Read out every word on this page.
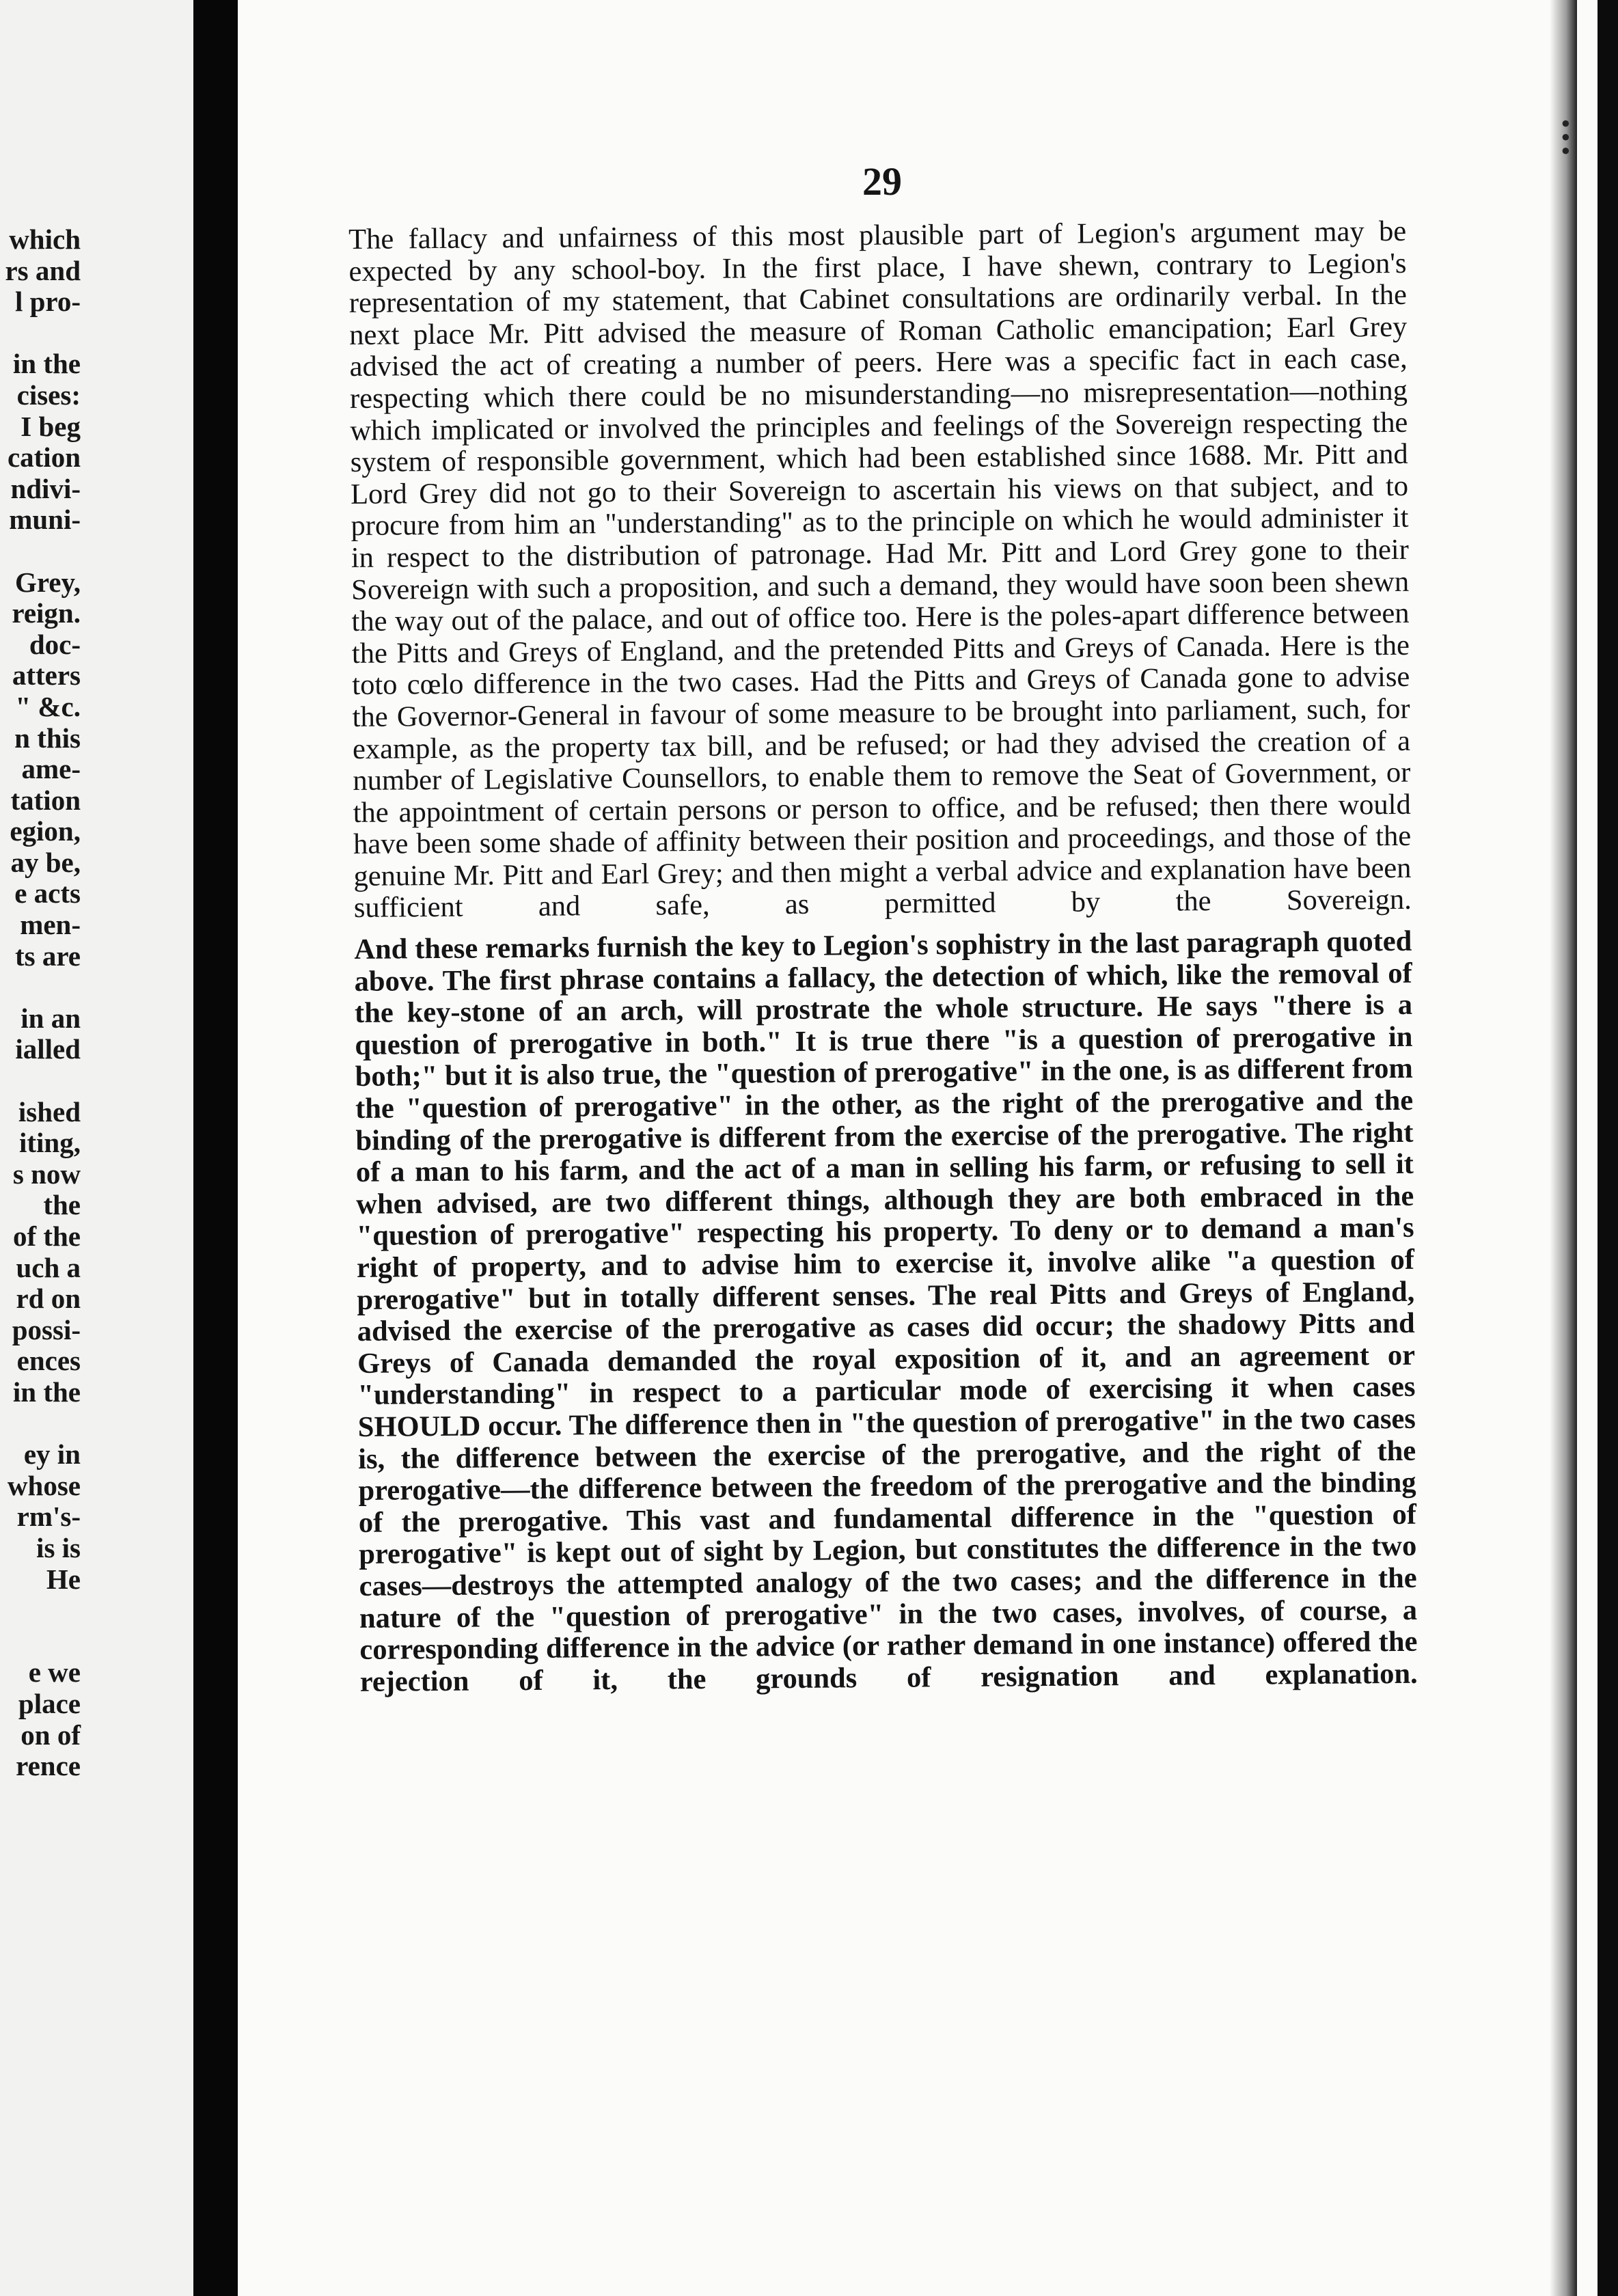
which
rs and
l pro-
in the
cises:
I beg
cation
ndivi-
muni-
Grey,
reign.
doc-
atters
" &c.
n this
ame-
tation
egion,
ay be,
e acts
men-
ts are
in an
ialled
ished
iting,
s now
the
of the
uch a
rd on
possi-
ences
in the
ey in
whose
rm's-
is is
He
e we
place
on of
rence
●
●
●
29

The fallacy and unfairness of this most plausible part of Legion's argument may be expected by any school-boy. In the first place, I have shewn, contrary to Legion's representation of my statement, that Cabinet consultations are ordinarily verbal. In the next place Mr. Pitt advised the measure of Roman Catholic emancipation; Earl Grey advised the act of creating a number of peers. Here was a specific fact in each case, respecting which there could be no misunderstanding—no misrepresentation—nothing which implicated or involved the principles and feelings of the Sovereign respecting the system of responsible government, which had been established since 1688. Mr. Pitt and Lord Grey did not go to their Sovereign to ascertain his views on that subject, and to procure from him an "understanding" as to the principle on which he would administer it in respect to the distribution of patronage. Had Mr. Pitt and Lord Grey gone to their Sovereign with such a proposition, and such a demand, they would have soon been shewn the way out of the palace, and out of office too. Here is the poles-apart difference between the Pitts and Greys of England, and the pretended Pitts and Greys of Canada. Here is the toto cœlo difference in the two cases. Had the Pitts and Greys of Canada gone to advise the Governor-General in favour of some measure to be brought into parliament, such, for example, as the property tax bill, and be refused; or had they advised the creation of a number of Legislative Counsellors, to enable them to remove the Seat of Government, or the appointment of certain persons or person to office, and be refused; then there would have been some shade of affinity between their position and proceedings, and those of the genuine Mr. Pitt and Earl Grey; and then might a verbal advice and explanation have been sufficient and safe, as permitted by the Sovereign.

And these remarks furnish the key to Legion's sophistry in the last paragraph quoted above. The first phrase contains a fallacy, the detection of which, like the removal of the key-stone of an arch, will prostrate the whole structure. He says "there is a question of prerogative in both." It is true there "is a question of prerogative in both;" but it is also true, the "question of prerogative" in the one, is as different from the "question of prerogative" in the other, as the right of the prerogative and the binding of the prerogative is different from the exercise of the prerogative. The right of a man to his farm, and the act of a man in selling his farm, or refusing to sell it when advised, are two different things, although they are both embraced in the "question of prerogative" respecting his property. To deny or to demand a man's right of property, and to advise him to exercise it, involve alike "a question of prerogative" but in totally different senses. The real Pitts and Greys of England, advised the exercise of the prerogative as cases did occur; the shadowy Pitts and Greys of Canada demanded the royal exposition of it, and an agreement or "understanding" in respect to a particular mode of exercising it when cases SHOULD occur. The difference then in "the question of prerogative" in the two cases is, the difference between the exercise of the prerogative, and the right of the prerogative—the difference between the freedom of the prerogative and the binding of the prerogative. This vast and fundamental difference in the "question of prerogative" is kept out of sight by Legion, but constitutes the difference in the two cases—destroys the attempted analogy of the two cases; and the difference in the nature of the "question of prerogative" in the two cases, involves, of course, a corresponding difference in the advice (or rather demand in one instance) offered the rejection of it, the grounds of resignation and explanation.
